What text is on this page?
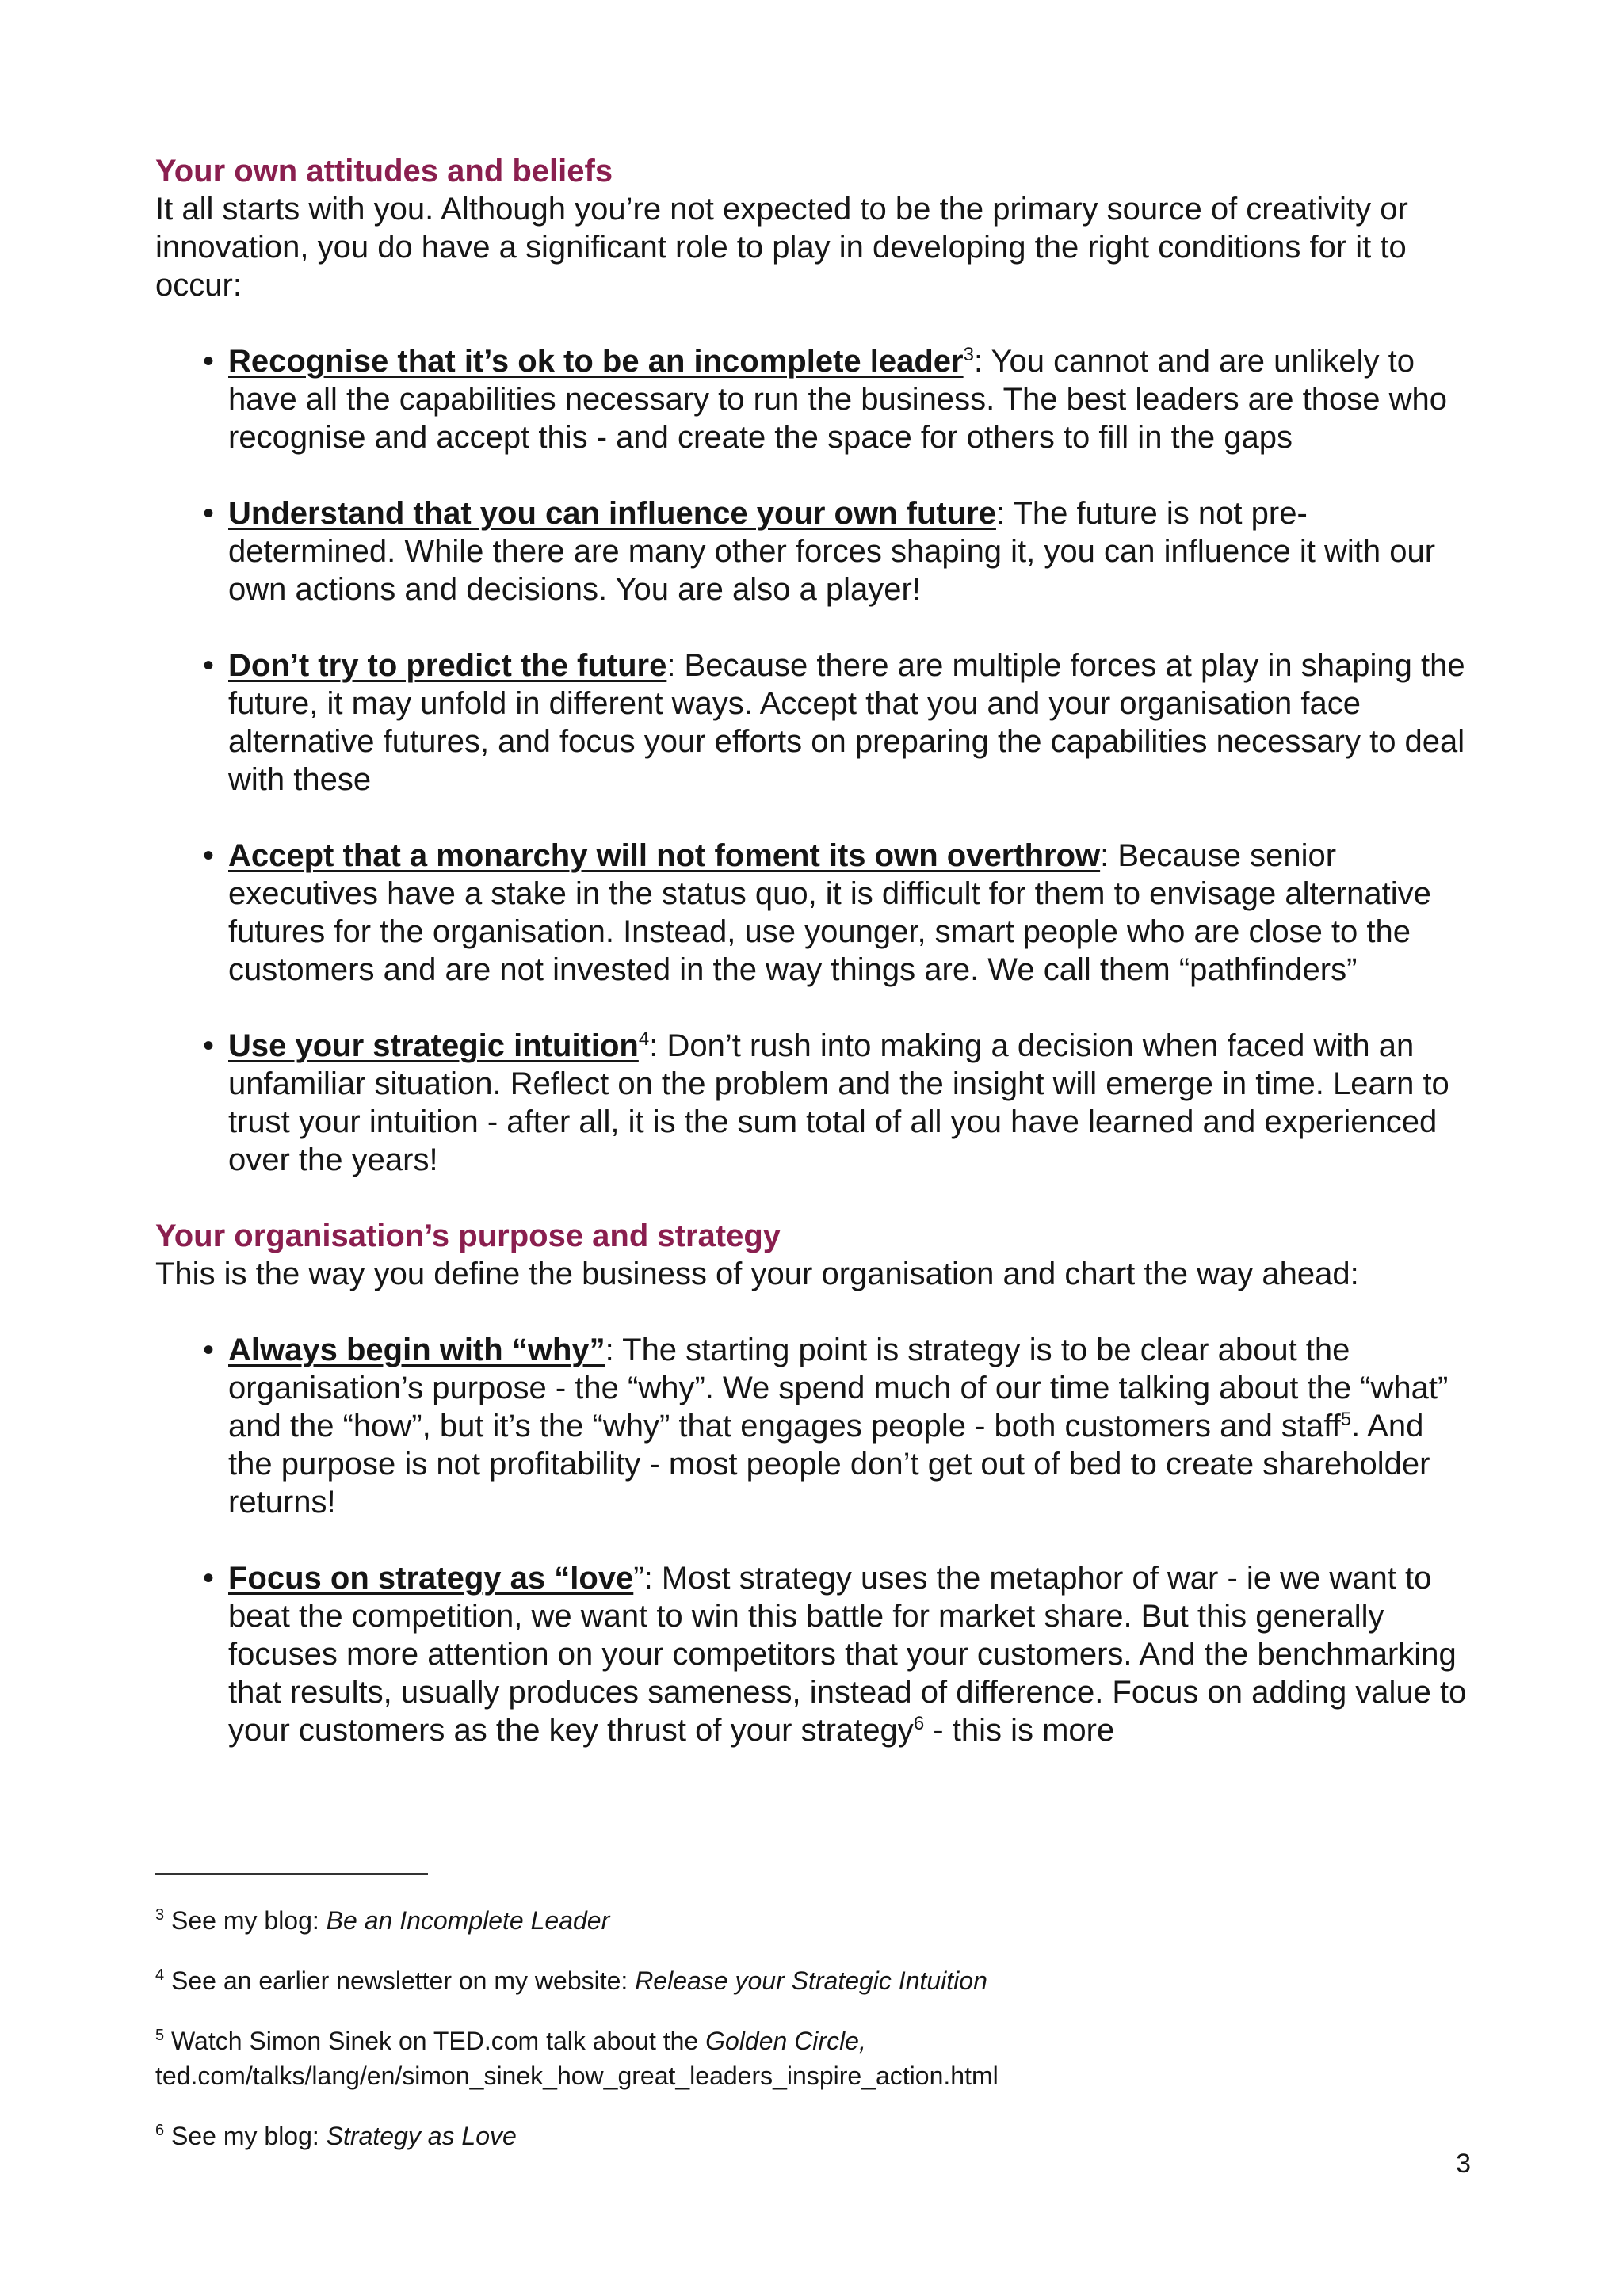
Your own attitudes and beliefs

It all starts with you. Although you’re not expected to be the primary source of creativity or innovation, you do have a significant role to play in developing the right conditions for it to occur:

• Recognise that it’s ok to be an incomplete leader$^3$: You cannot and are unlikely to have all the capabilities necessary to run the business. The best leaders are those who recognise and accept this - and create the space for others to fill in the gaps
• Understand that you can influence your own future: The future is not pre-determined. While there are many other forces shaping it, you can influence it with our own actions and decisions. You are also a player!
• Don’t try to predict the future: Because there are multiple forces at play in shaping the future, it may unfold in different ways. Accept that you and your organisation face alternative futures, and focus your efforts on preparing the capabilities necessary to deal with these
• Accept that a monarchy will not foment its own overthrow: Because senior executives have a stake in the status quo, it is difficult for them to envisage alternative futures for the organisation. Instead, use younger, smart people who are close to the customers and are not invested in the way things are. We call them “pathfinders”
• Use your strategic intuition$^4$: Don’t rush into making a decision when faced with an unfamiliar situation. Reflect on the problem and the insight will emerge in time. Learn to trust your intuition - after all, it is the sum total of all you have learned and experienced over the years!
Your organisation’s purpose and strategy

This is the way you define the business of your organisation and chart the way ahead:

• Always begin with “why”: The starting point is strategy is to be clear about the organisation’s purpose - the “why”. We spend much of our time talking about the “what” and the “how”, but it’s the “why” that engages people - both customers and staff$^5$. And the purpose is not profitability - most people don’t get out of bed to create shareholder returns!
• Focus on strategy as “love”: Most strategy uses the metaphor of war - ie we want to beat the competition, we want to win this battle for market share. But this generally focuses more attention on your competitors that your customers. And the benchmarking that results, usually produces sameness, instead of difference. Focus on adding value to your customers as the key thrust of your strategy$^6$ - this is more

$^3$ See my blog: Be an Incomplete Leader

$^4$ See an earlier newsletter on my website: Release your Strategic Intuition

$^5$ Watch Simon Sinek on TED.com talk about the Golden Circle, ted.com/talks/lang/en/simon_sinek_how_great_leaders_inspire_action.html

$^6$ See my blog: Strategy as Love

3
